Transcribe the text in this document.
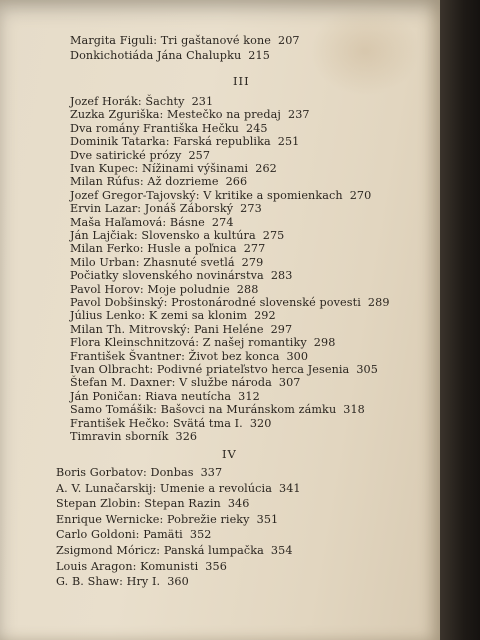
Margita Figuli: Tri gaštanové kone 207
Donkichotiáda Jána Chalupku 215
III
Jozef Horák: Šachty 231
Zuzka Zguriška: Mestečko na predaj 237
Dva romány Františka Hečku 245
Dominik Tatarka: Farská republika 251
Dve satirické prózy 257
Ivan Kupec: Nížinami výšinami 262
Milan Rúfus: Až dozrieme 266
Jozef Gregor-Tajovský: V kritike a spomienkach 270
Ervin Lazar: Jonáš Záborský 273
Maša Haľamová: Básne 274
Ján Lajčiak: Slovensko a kultúra 275
Milan Ferko: Husle a poľnica 277
Milo Urban: Zhasnuté svetlá 279
Počiatky slovenského novinárstva 283
Pavol Horov: Moje poludnie 288
Pavol Dobšinský: Prostonárodné slovenské povesti 289
Július Lenko: K zemi sa klonim 292
Milan Th. Mitrovský: Pani Heléne 297
Flora Kleinschnitzová: Z našej romantiky 298
František Švantner: Život bez konca 300
Ivan Olbracht: Podivné priateľstvo herca Jesenia 305
Štefan M. Daxner: V službe národa 307
Ján Poničan: Riava neutícha 312
Samo Tomášik: Bašovci na Muránskom zámku 318
František Hečko: Svätá tma I. 320
Timravin sborník 326
IV
Boris Gorbatov: Donbas 337
A. V. Lunačarskij: Umenie a revolúcia 341
Stepan Zlobin: Stepan Razin 346
Enrique Wernicke: Pobrežie rieky 351
Carlo Goldoni: Pamäti 352
Zsigmond Móricz: Panská lumpačka 354
Louis Aragon: Komunisti 356
G. B. Shaw: Hry I. 360
